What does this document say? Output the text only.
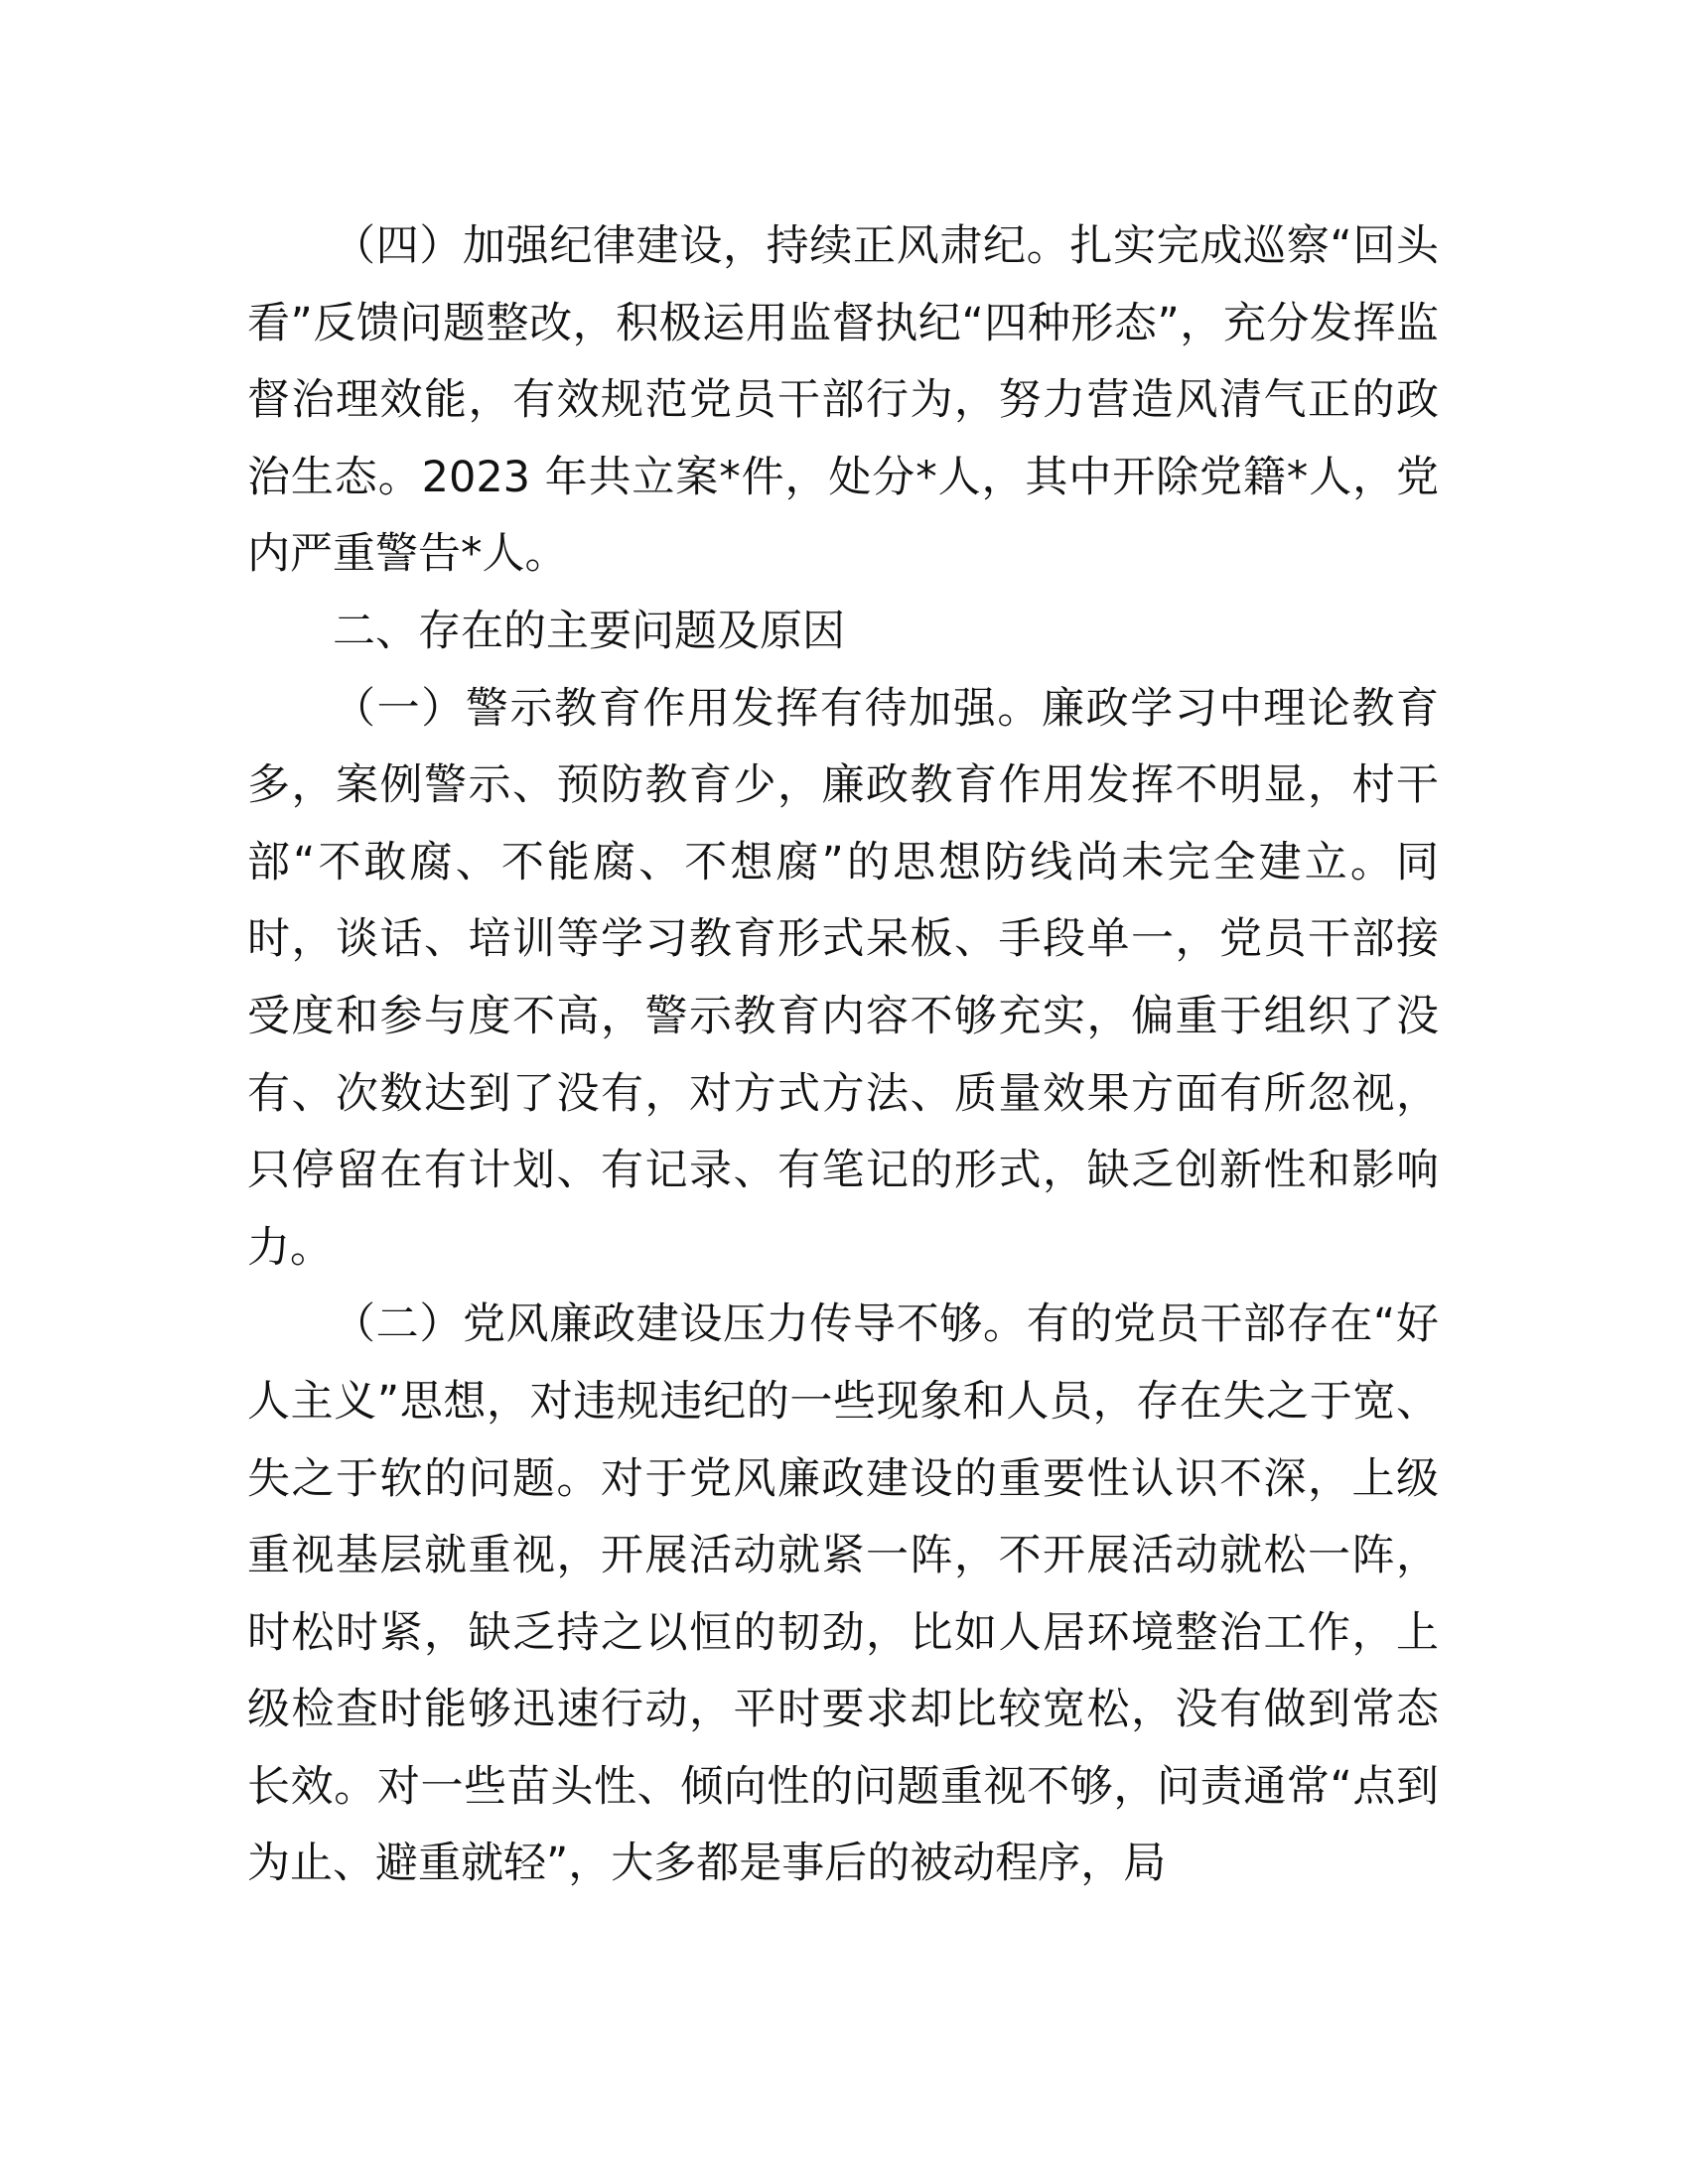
（四）加强纪律建设，持续正风肃纪。扎实完成巡察“回头看”反馈问题整改，积极运用监督执纪“四种形态”，充分发挥监督治理效能，有效规范党员干部行为，努力营造风清气正的政治生态。2023 年共立案*件，处分*人，其中开除党籍*人，党内严重警告*人。

二、存在的主要问题及原因

（一）警示教育作用发挥有待加强。廉政学习中理论教育多，案例警示、预防教育少，廉政教育作用发挥不明显，村干部“不敢腐、不能腐、不想腐”的思想防线尚未完全建立。同时，谈话、培训等学习教育形式呆板、手段单一，党员干部接受度和参与度不高，警示教育内容不够充实，偏重于组织了没有、次数达到了没有，对方式方法、质量效果方面有所忽视，只停留在有计划、有记录、有笔记的形式，缺乏创新性和影响力。

（二）党风廉政建设压力传导不够。有的党员干部存在“好人主义”思想，对违规违纪的一些现象和人员，存在失之于宽、失之于软的问题。对于党风廉政建设的重要性认识不深，上级重视基层就重视，开展活动就紧一阵，不开展活动就松一阵，时松时紧，缺乏持之以恒的韧劲，比如人居环境整治工作，上级检查时能够迅速行动，平时要求却比较宽松，没有做到常态长效。对一些苗头性、倾向性的问题重视不够，问责通常“点到为止、避重就轻”，大多都是事后的被动程序，局
